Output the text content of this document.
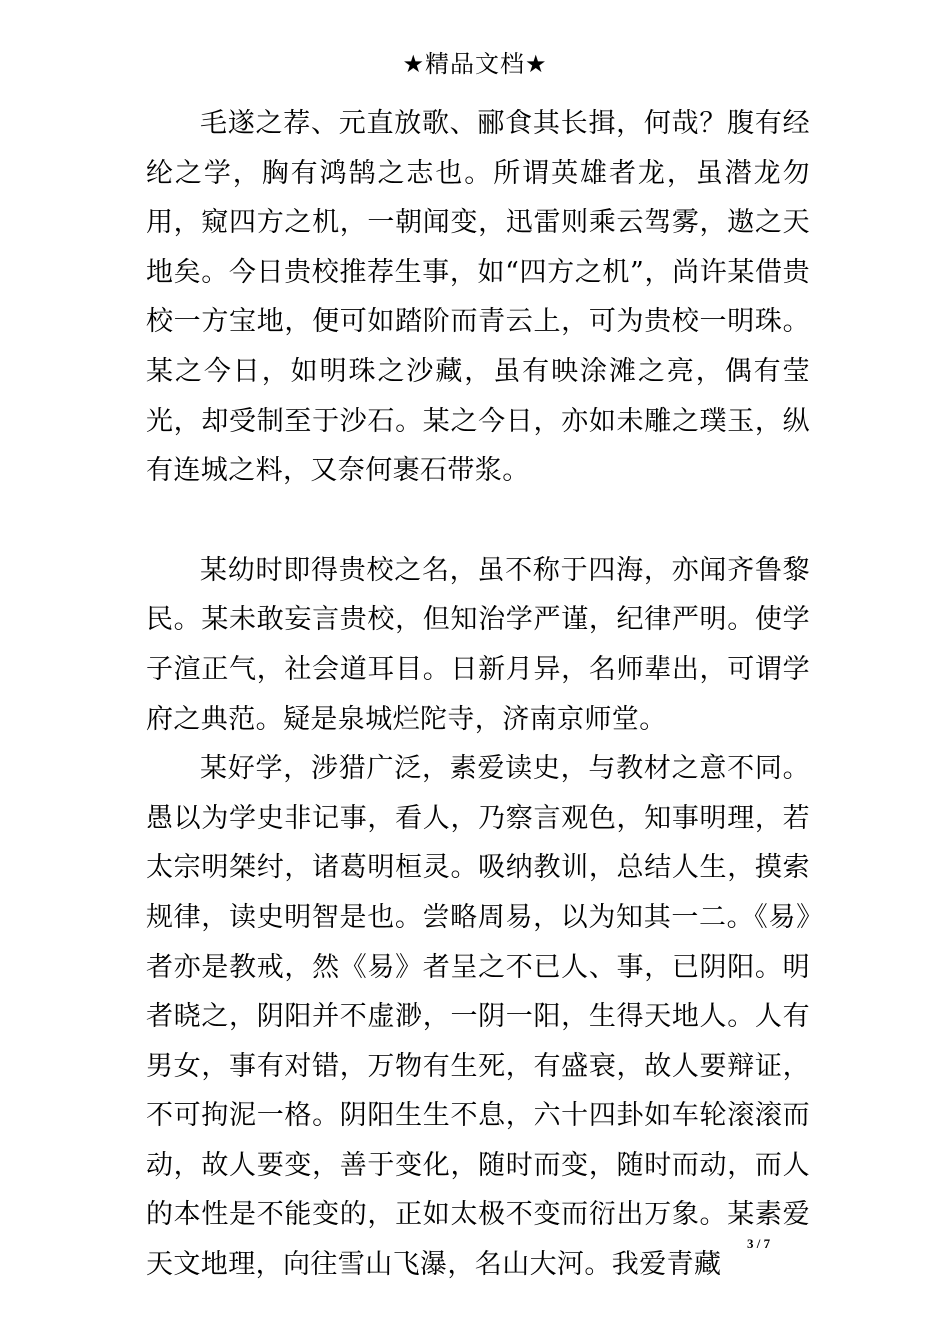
★精品文档★

毛遂之荐、元直放歌、郦食其长揖，何哉？腹有经纶之学，胸有鸿鹄之志也。所谓英雄者龙，虽潜龙勿用，窥四方之机，一朝闻变，迅雷则乘云驾雾，遨之天地矣。今日贵校推荐生事，如“四方之机”，尚许某借贵校一方宝地，便可如踏阶而青云上，可为贵校一明珠。某之今日，如明珠之沙藏，虽有映涂滩之亮，偶有莹光，却受制至于沙石。某之今日，亦如未雕之璞玉，纵有连城之料，又奈何裹石带浆。

某幼时即得贵校之名，虽不称于四海，亦闻齐鲁黎民。某未敢妄言贵校，但知治学严谨，纪律严明。使学子渲正气，社会道耳目。日新月异，名师辈出，可谓学府之典范。疑是泉城烂陀寺，济南京师堂。

某好学，涉猎广泛，素爱读史，与教材之意不同。愚以为学史非记事，看人，乃察言观色，知事明理，若太宗明桀纣，诸葛明桓灵。吸纳教训，总结人生，摸索规律，读史明智是也。尝略周易，以为知其一二。《易》者亦是教戒，然《易》者呈之不已人、事，已阴阳。明者晓之，阴阳并不虚渺，一阴一阳，生得天地人。人有男女，事有对错，万物有生死，有盛衰，故人要辩证，不可拘泥一格。阴阳生生不息，六十四卦如车轮滚滚而动，故人要变，善于变化，随时而变，随时而动，而人的本性是不能变的，正如太极不变而衍出万象。某素爱天文地理，向往雪山飞瀑，名山大河。我爱青藏

3 / 7
